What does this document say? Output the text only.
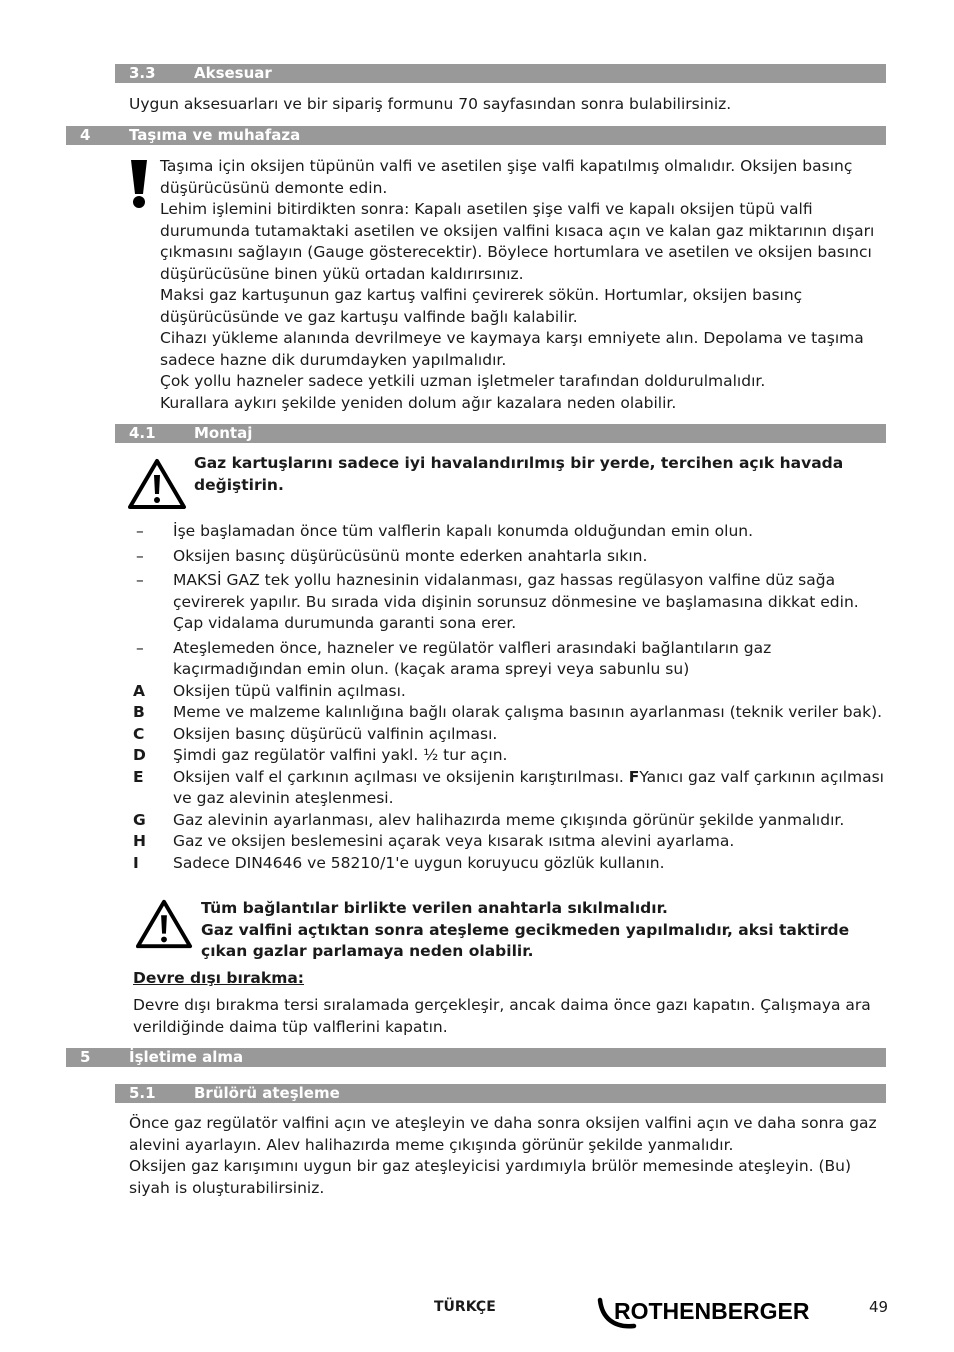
3.3	Aksesuar
Uygun aksesuarları ve bir sipariş formunu 70 sayfasından sonra bulabilirsiniz.
4	Taşıma ve muhafaza

Taşıma için oksijen tüpünün valfi ve asetilen şişe valfi kapatılmış olmalıdır. Oksijen basınç düşürücüsünü demonte edin.

Lehim işlemini bitirdikten sonra: Kapalı asetilen şişe valfi ve kapalı oksijen tüpü valfi durumunda tutamaktaki asetilen ve oksijen valfini kısaca açın ve kalan gaz miktarının dışarı çıkmasını sağlayın (Gauge gösterecektir). Böylece hortumlara ve asetilen ve oksijen basıncı düşürücüsüne binen yükü ortadan kaldırırsınız.

Maksi gaz kartuşunun gaz kartuş valfini çevirerek sökün. Hortumlar, oksijen basınç düşürücüsünde ve gaz kartuşu valfinde bağlı kalabilir.

Cihazı yükleme alanında devrilmeye ve kaymaya karşı emniyete alın. Depolama ve taşıma sadece hazne dik durumdayken yapılmalıdır.

Çok yollu hazneler sadece yetkili uzman işletmeler tarafından doldurulmalıdır.

Kurallara aykırı şekilde yeniden dolum ağır kazalara neden olabilir.

4.1	Montaj
Gaz kartuşlarını sadece iyi havalandırılmış bir yerde, tercihen açık havada değiştirin.
–	İşe başlamadan önce tüm valflerin kapalı konumda olduğundan emin olun.
–	Oksijen basınç düşürücüsünü monte ederken anahtarla sıkın.
–	MAKSİ GAZ tek yollu haznesinin vidalanması, gaz hassas regülasyon valfine düz sağa çevirerek yapılır. Bu sırada vida dişinin sorunsuz dönmesine ve başlamasına dikkat edin. Çap vidalama durumunda garanti sona erer.
–	Ateşlemeden önce, hazneler ve regülatör valfleri arasındaki bağlantıların gaz kaçırmadığından emin olun. (kaçak arama spreyi veya sabunlu su)
A	Oksijen tüpü valfinin açılması.
B	Meme ve malzeme kalınlığına bağlı olarak çalışma basının ayarlanması (teknik veriler bak).
C	Oksijen basınç düşürücü valfinin açılması.
D	Şimdi gaz regülatör valfini yakl. ½ tur açın.
E	Oksijen valf el çarkının açılması ve oksijenin karıştırılması. FYanıcı gaz valf çarkının açılması ve gaz alevinin ateşlenmesi.
G	Gaz alevinin ayarlanması, alev halihazırda meme çıkışında görünür şekilde yanmalıdır.
H	Gaz ve oksijen beslemesini açarak veya kısarak ısıtma alevini ayarlama.
I	Sadece DIN4646 ve 58210/1'e uygun koruyucu gözlük kullanın.
Tüm bağlantılar birlikte verilen anahtarla sıkılmalıdır.
Gaz valfini açtıktan sonra ateşleme gecikmeden yapılmalıdır, aksi taktirde çıkan gazlar parlamaya neden olabilir.
Devre dışı bırakma:
Devre dışı bırakma tersi sıralamada gerçekleşir, ancak daima önce gazı kapatın. Çalışmaya ara verildiğinde daima tüp valflerini kapatın.
5	İşletime alma
5.1	Brülörü ateşleme

Önce gaz regülatör valfini açın ve ateşleyin ve daha sonra oksijen valfini açın ve daha sonra gaz alevini ayarlayın. Alev halihazırda meme çıkışında görünür şekilde yanmalıdır.

Oksijen gaz karışımını uygun bir gaz ateşleyicisi yardımıyla brülör memesinde ateşleyin. (Bu) siyah is oluşturabilirsiniz.

TÜRKÇE	ROTHENBERGER	49
